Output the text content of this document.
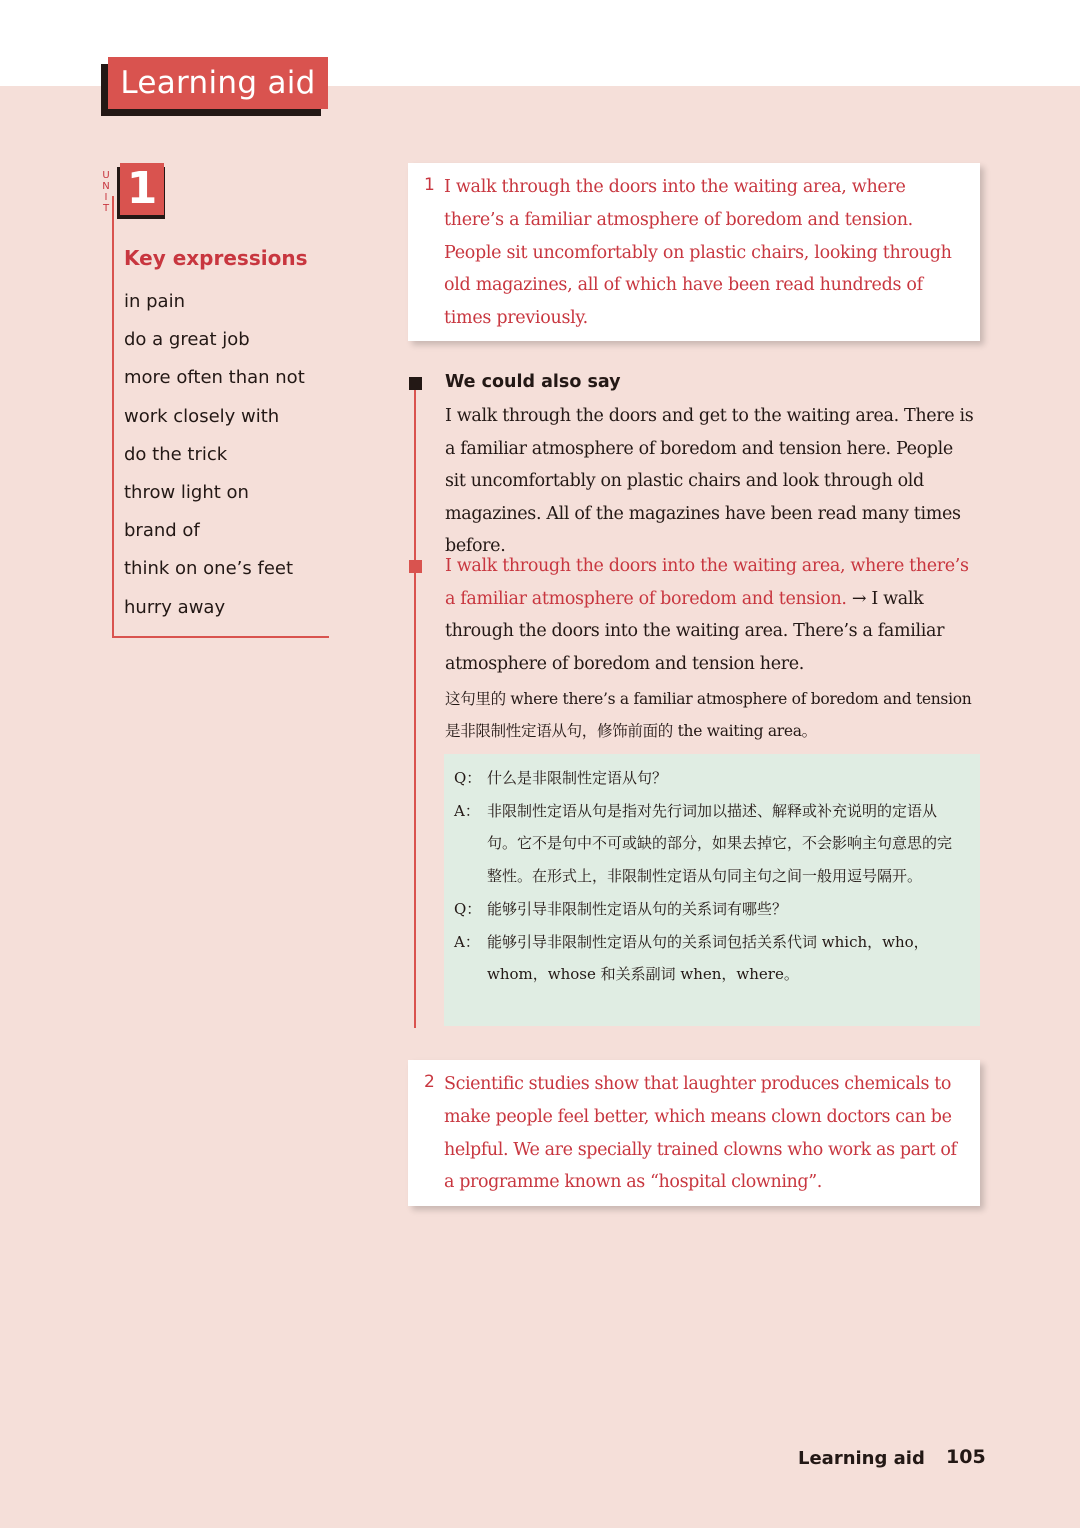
Learning aid
U
N
I
T 1
Key expressions
in pain
do a great job
more often than not
work closely with
do the trick
throw light on
brand of
think on one’s feet
hurry away
1 I walk through the doors into the waiting area, where there’s a familiar atmosphere of boredom and tension. People sit uncomfortably on plastic chairs, looking through old magazines, all of which have been read hundreds of times previously.
We could also say
I walk through the doors and get to the waiting area. There is a familiar atmosphere of boredom and tension here. People sit uncomfortably on plastic chairs and look through old magazines. All of the magazines have been read many times before.
I walk through the doors into the waiting area, where there’s a familiar atmosphere of boredom and tension. → I walk through the doors into the waiting area. There’s a familiar atmosphere of boredom and tension here.
这句里的 where there’s a familiar atmosphere of boredom and tension 是非限制性定语从句，修饰前面的 the waiting area。
Q： 什么是非限制性定语从句？
A： 非限制性定语从句是指对先行词加以描述、解释或补充说明的定语从句。它不是句中不可或缺的部分，如果去掉它，不会影响主句意思的完整性。在形式上，非限制性定语从句同主句之间一般用逗号隔开。
Q： 能够引导非限制性定语从句的关系词有哪些？
A： 能够引导非限制性定语从句的关系词包括关系代词 which，who，whom，whose 和关系副词 when，where。
2 Scientific studies show that laughter produces chemicals to make people feel better, which means clown doctors can be helpful. We are specially trained clowns who work as part of a programme known as “hospital clowning”.
Learning aid 105
